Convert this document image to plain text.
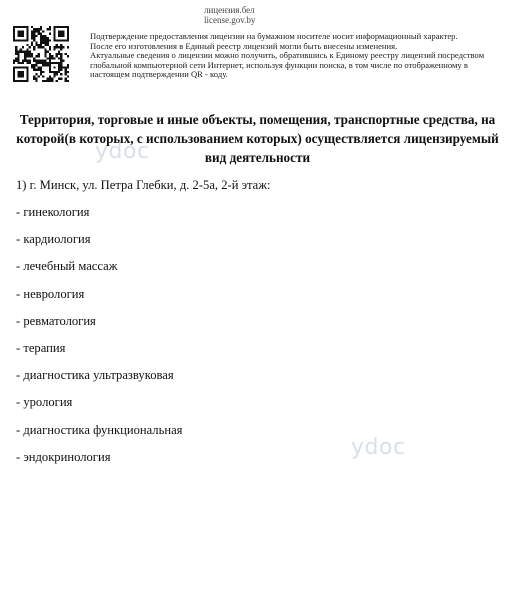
лицензия.бел
license.gov.by

Подтверждение предоставления лицензии на бумажном носителе носит информационный характер.

После его изготовления в Единый реестр лицензий могли быть внесены изменения.

Актуальные сведения о лицензии можно получить, обратившись к Единому реестру лицензий посредством глобальной компьютерной сети Интернет, используя функции поиска, в том числе по отображенному в настоящем подтверждении QR - коду.

Территория, торговые и иные объекты, помещения, транспортные средства, на которой(в которых, с использованием которых) осуществляется лицензируемый вид деятельности
1) г. Минск, ул. Петра Глебки, д. 2-5а, 2-й этаж:
- гинекология
- кардиология
- лечебный массаж
- неврология
- ревматология
- терапия
- диагностика ультразвуковая
- урология
- диагностика функциональная
- эндокринология
ydoc
ydoc
